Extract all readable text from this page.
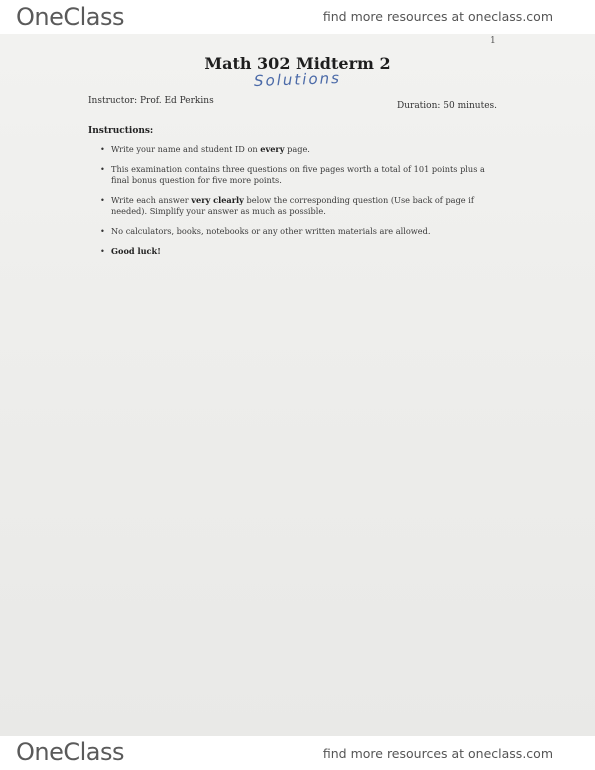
OneClass	find more resources at oneclass.com
1
Math 302 Midterm 2
Solutions
Instructor: Prof. Ed Perkins	Duration: 50 minutes.
Instructions:
• Write your name and student ID on every page.
• This examination contains three questions on five pages worth a total of 101 points plus a final bonus question for five more points.
• Write each answer very clearly below the corresponding question (Use back of page if needed). Simplify your answer as much as possible.
• No calculators, books, notebooks or any other written materials are allowed.
• Good luck!
OneClass	find more resources at oneclass.com
